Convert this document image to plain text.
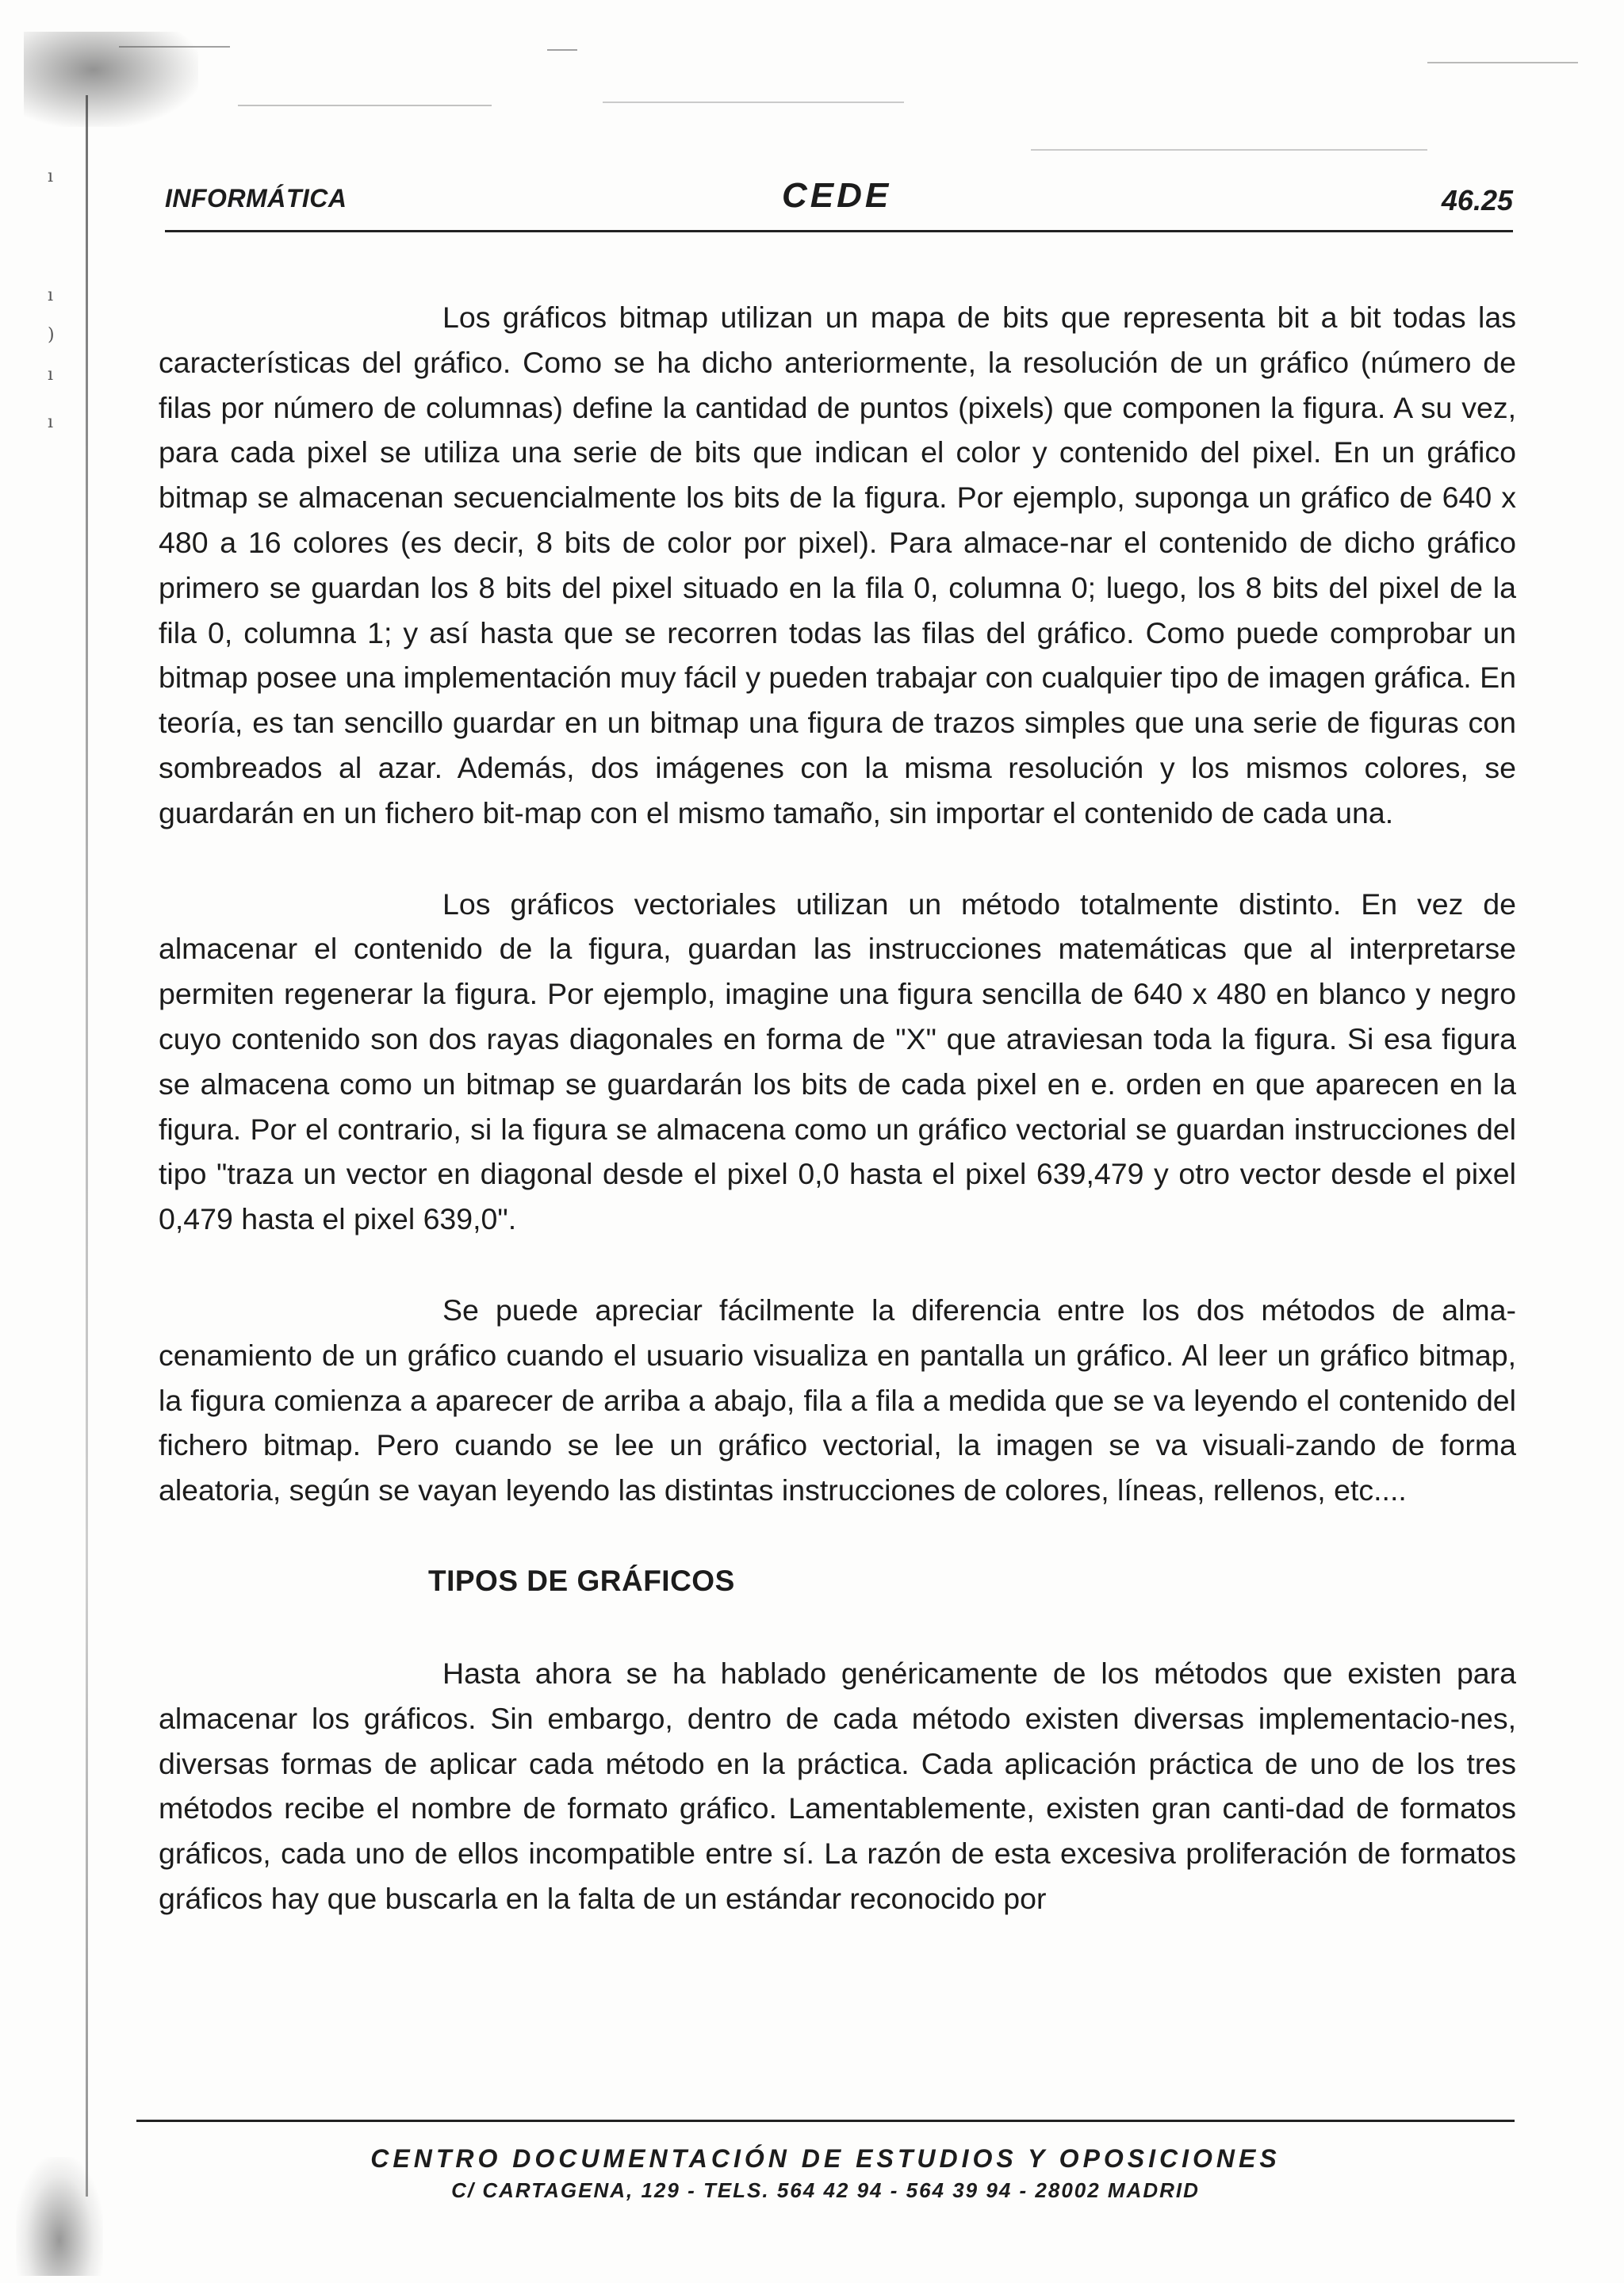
ı
ı
)
ı
ı
INFORMÁTICA	CEDE	46.25

Los gráficos bitmap utilizan un mapa de bits que representa bit a bit todas las características del gráfico. Como se ha dicho anteriormente, la resolución de un gráfico (número de filas por número de columnas) define la cantidad de puntos (pixels) que componen la figura. A su vez, para cada pixel se utiliza una serie de bits que indican el color y contenido del pixel. En un gráfico bitmap se almacenan secuencialmente los bits de la figura. Por ejemplo, suponga un gráfico de 640 x 480 a 16 colores (es decir, 8 bits de color por pixel). Para almace-nar el contenido de dicho gráfico primero se guardan los 8 bits del pixel situado en la fila 0, columna 0; luego, los 8 bits del pixel de la fila 0, columna 1; y así hasta que se recorren todas las filas del gráfico. Como puede comprobar un bitmap posee una implementación muy fácil y pueden trabajar con cualquier tipo de imagen gráfica. En teoría, es tan sencillo guardar en un bitmap una figura de trazos simples que una serie de figuras con sombreados al azar. Además, dos imágenes con la misma resolución y los mismos colores, se guardarán en un fichero bit-map con el mismo tamaño, sin importar el contenido de cada una.

Los gráficos vectoriales utilizan un método totalmente distinto. En vez de almacenar el contenido de la figura, guardan las instrucciones matemáticas que al interpretarse permiten regenerar la figura. Por ejemplo, imagine una figura sencilla de 640 x 480 en blanco y negro cuyo contenido son dos rayas diagonales en forma de "X" que atraviesan toda la figura. Si esa figura se almacena como un bitmap se guardarán los bits de cada pixel en e. orden en que aparecen en la figura. Por el contrario, si la figura se almacena como un gráfico vectorial se guardan instrucciones del tipo "traza un vector en diagonal desde el pixel 0,0 hasta el pixel 639,479 y otro vector desde el pixel 0,479 hasta el pixel 639,0".

Se puede apreciar fácilmente la diferencia entre los dos métodos de alma-cenamiento de un gráfico cuando el usuario visualiza en pantalla un gráfico. Al leer un gráfico bitmap, la figura comienza a aparecer de arriba a abajo, fila a fila a medida que se va leyendo el contenido del fichero bitmap. Pero cuando se lee un gráfico vectorial, la imagen se va visuali-zando de forma aleatoria, según se vayan leyendo las distintas instrucciones de colores, líneas, rellenos, etc....

TIPOS DE GRÁFICOS

Hasta ahora se ha hablado genéricamente de los métodos que existen para almacenar los gráficos. Sin embargo, dentro de cada método existen diversas implementacio-nes, diversas formas de aplicar cada método en la práctica. Cada aplicación práctica de uno de los tres métodos recibe el nombre de formato gráfico. Lamentablemente, existen gran canti-dad de formatos gráficos, cada uno de ellos incompatible entre sí. La razón de esta excesiva proliferación de formatos gráficos hay que buscarla en la falta de un estándar reconocido por

CENTRO DOCUMENTACIÓN DE ESTUDIOS Y OPOSICIONES
C/ CARTAGENA, 129 - TELS. 564 42 94 - 564 39 94 - 28002 MADRID
